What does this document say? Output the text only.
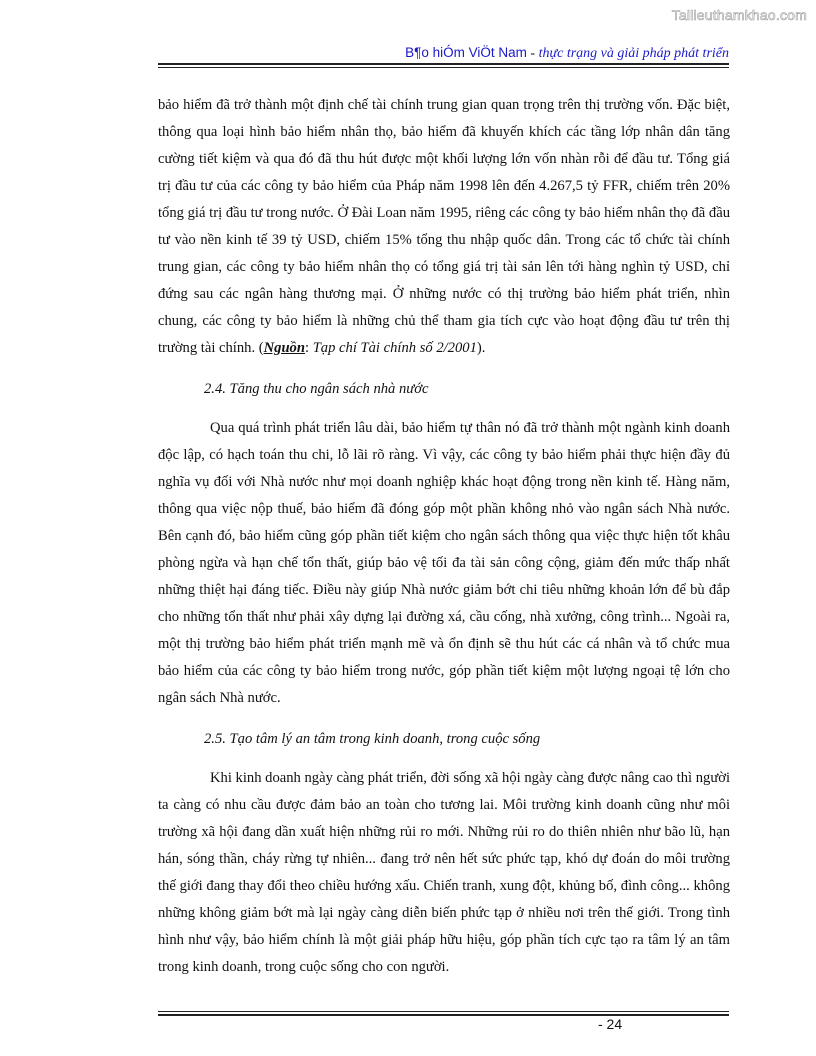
Tailieuthamkhao.com
B¶o hiÓm ViÖt Nam - thực trạng và giải pháp phát triển

bảo hiểm đã trở thành một định chế tài chính trung gian quan trọng trên thị trường vốn. Đặc biệt, thông qua loại hình bảo hiểm nhân thọ, bảo hiểm đã khuyến khích các tầng lớp nhân dân tăng cường tiết kiệm và qua đó đã thu hút được một khối lượng lớn vốn nhàn rỗi để đầu tư. Tổng giá trị đầu tư của các công ty bảo hiểm của Pháp năm 1998 lên đến 4.267,5 tỷ FFR, chiếm trên 20% tổng giá trị đầu tư trong nước. Ở Đài Loan năm 1995, riêng các công ty bảo hiểm nhân thọ đã đầu tư vào nền kinh tế 39 tỷ USD, chiếm 15% tổng thu nhập quốc dân. Trong các tổ chức tài chính trung gian, các công ty bảo hiểm nhân thọ có tổng giá trị tài sản lên tới hàng nghìn tỷ USD, chỉ đứng sau các ngân hàng thương mại. Ở những nước có thị trường bảo hiểm phát triển, nhìn chung, các công ty bảo hiểm là những chủ thể tham gia tích cực vào hoạt động đầu tư trên thị trường tài chính. (Nguồn: Tạp chí Tài chính số 2/2001).

2.4. Tăng thu cho ngân sách nhà nước

Qua quá trình phát triển lâu dài, bảo hiểm tự thân nó đã trở thành một ngành kinh doanh độc lập, có hạch toán thu chi, lỗ lãi rõ ràng. Vì vậy, các công ty bảo hiểm phải thực hiện đầy đủ nghĩa vụ đối với Nhà nước như mọi doanh nghiệp khác hoạt động trong nền kinh tế. Hàng năm, thông qua việc nộp thuế, bảo hiểm đã đóng góp một phần không nhỏ vào ngân sách Nhà nước. Bên cạnh đó, bảo hiểm cũng góp phần tiết kiệm cho ngân sách thông qua việc thực hiện tốt khâu phòng ngừa và hạn chế tổn thất, giúp bảo vệ tối đa tài sản công cộng, giảm đến mức thấp nhất những thiệt hại đáng tiếc. Điều này giúp Nhà nước giảm bớt chi tiêu những khoản lớn để bù đắp cho những tổn thất như phải xây dựng lại đường xá, cầu cống, nhà xưởng, công trình... Ngoài ra, một thị trường bảo hiểm phát triển mạnh mẽ và ổn định sẽ thu hút các cá nhân và tổ chức mua bảo hiểm của các công ty bảo hiểm trong nước, góp phần tiết kiệm một lượng ngoại tệ lớn cho ngân sách Nhà nước.

2.5. Tạo tâm lý an tâm trong kinh doanh, trong cuộc sống

Khi kinh doanh ngày càng phát triển, đời sống xã hội ngày càng được nâng cao thì người ta càng có nhu cầu được đảm bảo an toàn cho tương lai. Môi trường kinh doanh cũng như môi trường xã hội đang dần xuất hiện những rủi ro mới. Những rủi ro do thiên nhiên như bão lũ, hạn hán, sóng thần, cháy rừng tự nhiên... đang trở nên hết sức phức tạp, khó dự đoán do môi trường thế giới đang thay đổi theo chiều hướng xấu. Chiến tranh, xung đột, khủng bố, đình công... không những không giảm bớt mà lại ngày càng diễn biến phức tạp ở nhiều nơi trên thế giới. Trong tình hình như vậy, bảo hiểm chính là một giải pháp hữu hiệu, góp phần tích cực tạo ra tâm lý an tâm trong kinh doanh, trong cuộc sống cho con người.

- 24
